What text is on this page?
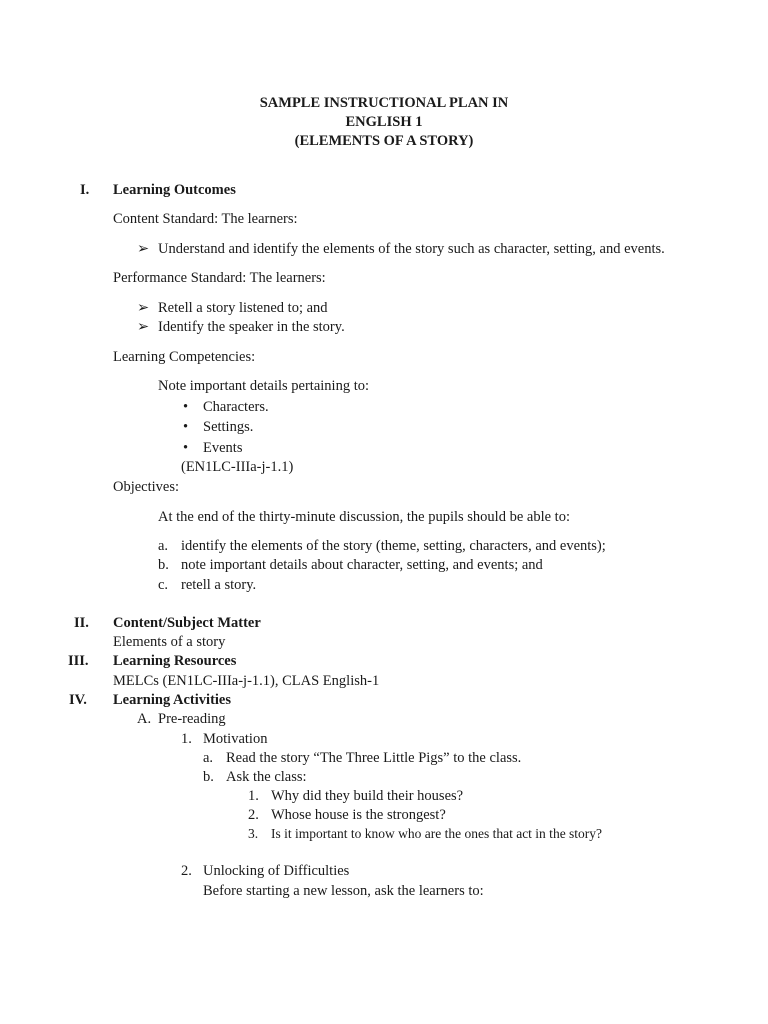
SAMPLE INSTRUCTIONAL PLAN IN
ENGLISH 1
(ELEMENTS OF A STORY)
I. Learning Outcomes
Content Standard: The learners:
➢ Understand and identify the elements of the story such as character, setting, and events.
Performance Standard: The learners:
➢ Retell a story listened to; and
➢ Identify the speaker in the story.
Learning Competencies:
Note important details pertaining to:
• Characters.
• Settings.
• Events
(EN1LC-IIIa-j-1.1)
Objectives:
At the end of the thirty-minute discussion, the pupils should be able to:
a. identify the elements of the story (theme, setting, characters, and events);
b. note important details about character, setting, and events; and
c. retell a story.
II. Content/Subject Matter
Elements of a story
III. Learning Resources
MELCs (EN1LC-IIIa-j-1.1), CLAS English-1
IV. Learning Activities
A. Pre-reading
1. Motivation
a. Read the story “The Three Little Pigs” to the class.
b. Ask the class:
1. Why did they build their houses?
2. Whose house is the strongest?
3. Is it important to know who are the ones that act in the story?
2. Unlocking of Difficulties
Before starting a new lesson, ask the learners to:
